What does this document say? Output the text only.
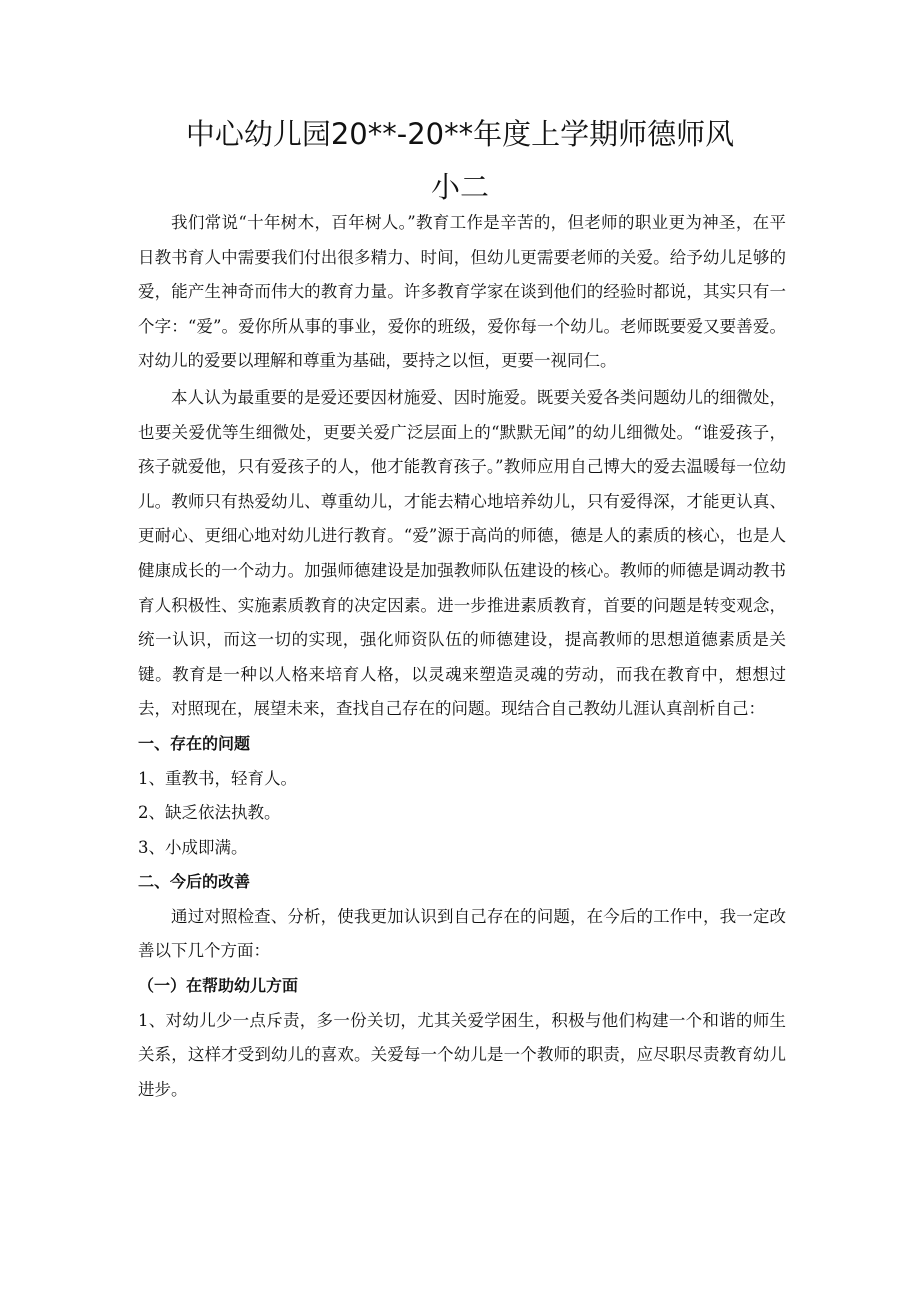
中心幼儿园20**-20**年度上学期师德师风
小二

我们常说“十年树木，百年树人。”教育工作是辛苦的，但老师的职业更为神圣，在平日教书育人中需要我们付出很多精力、时间，但幼儿更需要老师的关爱。给予幼儿足够的爱，能产生神奇而伟大的教育力量。许多教育学家在谈到他们的经验时都说，其实只有一个字：“爱”。爱你所从事的事业，爱你的班级，爱你每一个幼儿。老师既要爱又要善爱。对幼儿的爱要以理解和尊重为基础，要持之以恒，更要一视同仁。

本人认为最重要的是爱还要因材施爱、因时施爱。既要关爱各类问题幼儿的细微处，也要关爱优等生细微处，更要关爱广泛层面上的“默默无闻”的幼儿细微处。“谁爱孩子，孩子就爱他，只有爱孩子的人，他才能教育孩子。”教师应用自己博大的爱去温暖每一位幼儿。教师只有热爱幼儿、尊重幼儿，才能去精心地培养幼儿，只有爱得深，才能更认真、更耐心、更细心地对幼儿进行教育。“爱”源于高尚的师德，德是人的素质的核心，也是人健康成长的一个动力。加强师德建设是加强教师队伍建设的核心。教师的师德是调动教书育人积极性、实施素质教育的决定因素。进一步推进素质教育，首要的问题是转变观念，统一认识，而这一切的实现，强化师资队伍的师德建设，提高教师的思想道德素质是关键。教育是一种以人格来培育人格，以灵魂来塑造灵魂的劳动，而我在教育中，想想过去，对照现在，展望未来，查找自己存在的问题。现结合自己教幼儿涯认真剖析自己：

一、存在的问题

1、重教书，轻育人。

2、缺乏依法执教。

3、小成即满。

二、今后的改善

通过对照检查、分析，使我更加认识到自己存在的问题，在今后的工作中，我一定改善以下几个方面：

（一）在帮助幼儿方面

1、对幼儿少一点斥责，多一份关切，尤其关爱学困生，积极与他们构建一个和谐的师生关系，这样才受到幼儿的喜欢。关爱每一个幼儿是一个教师的职责，应尽职尽责教育幼儿进步。
